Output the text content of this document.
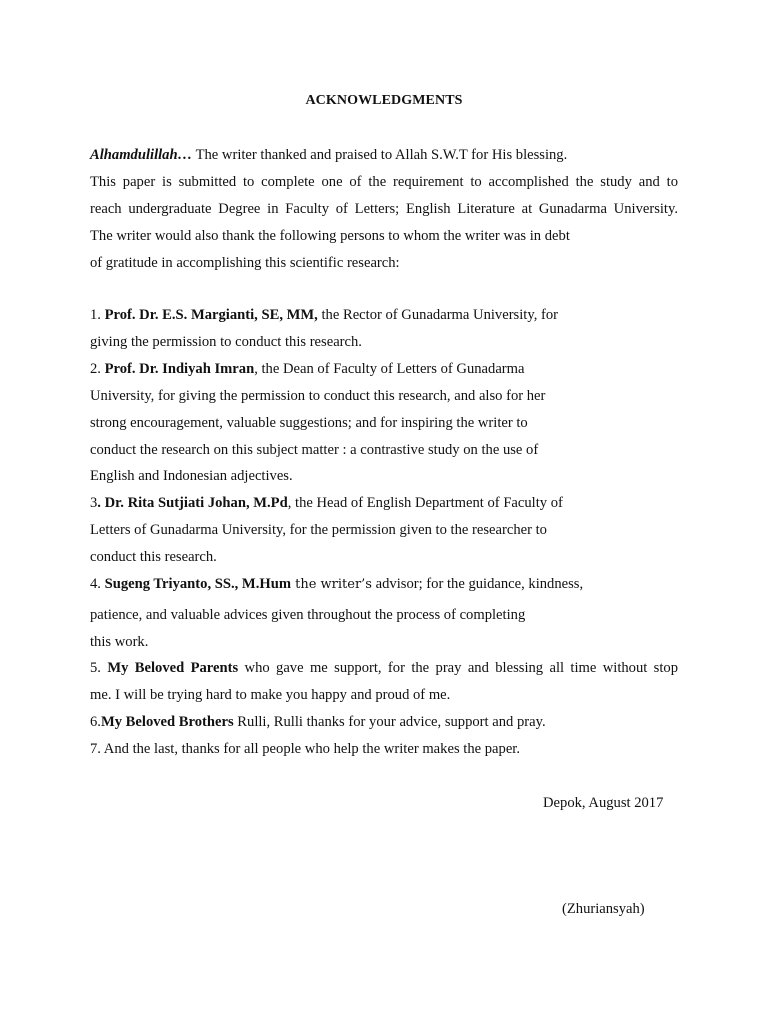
ACKNOWLEDGMENTS
Alhamdulillah… The writer thanked and praised to Allah S.W.T for His blessing.
This paper is submitted to complete one of the requirement to accomplished the study and to
reach undergraduate Degree in Faculty of Letters; English Literature at Gunadarma University.
The writer would also thank the following persons to whom the writer was in debt
of gratitude in accomplishing this scientific research:
1. Prof. Dr. E.S. Margianti, SE, MM, the Rector of Gunadarma University, for
giving the permission to conduct this research.
2. Prof. Dr. Indiyah Imran, the Dean of Faculty of Letters of Gunadarma
University, for giving the permission to conduct this research, and also for her
strong encouragement, valuable suggestions; and for inspiring the writer to
conduct the research on this subject matter : a contrastive study on the use of
English and Indonesian adjectives.
3. Dr. Rita Sutjiati Johan, M.Pd, the Head of English Department of Faculty of
Letters of Gunadarma University, for the permission given to the researcher to
conduct this research.
4. Sugeng Triyanto, SS., M.Hum the writer’s advisor; for the guidance, kindness,
patience, and valuable advices given throughout the process of completing
this work.
5. My Beloved Parents who gave me support, for the pray and blessing all time without stop
me. I will be trying hard to make you happy and proud of me.
6.My Beloved Brothers Rulli, Rulli thanks for your advice, support and pray.
7. And the last, thanks for all people who help the writer makes the paper.
Depok, August 2017
(Zhuriansyah)
